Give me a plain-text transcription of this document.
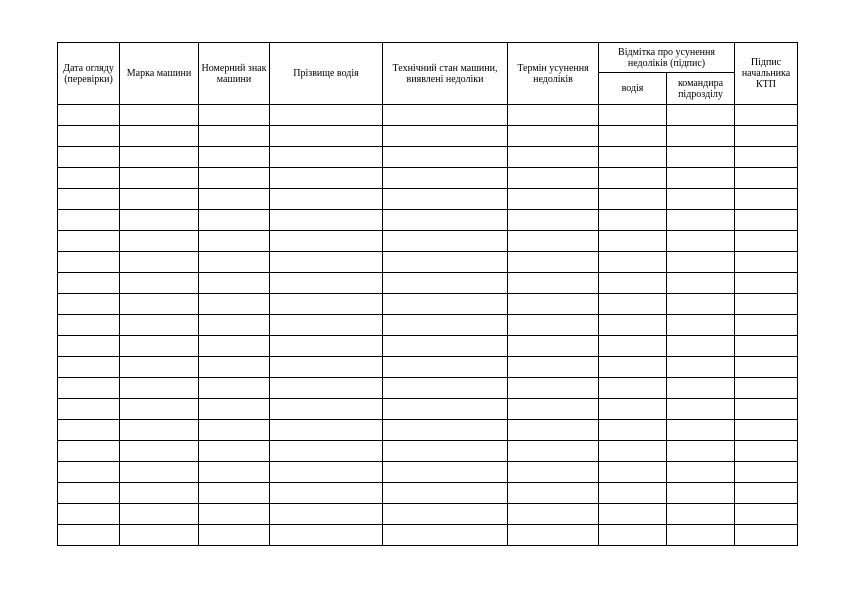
Дата огляду (перевірки)	Марка машини	Номерний знак машини	Прізвище водія	Технічний стан машини, виявлені недоліки	Термін усунення недоліків	Відмітка про усунення недоліків (підпис)		Підпис начальника КТП
						водія	командира підрозділу	
